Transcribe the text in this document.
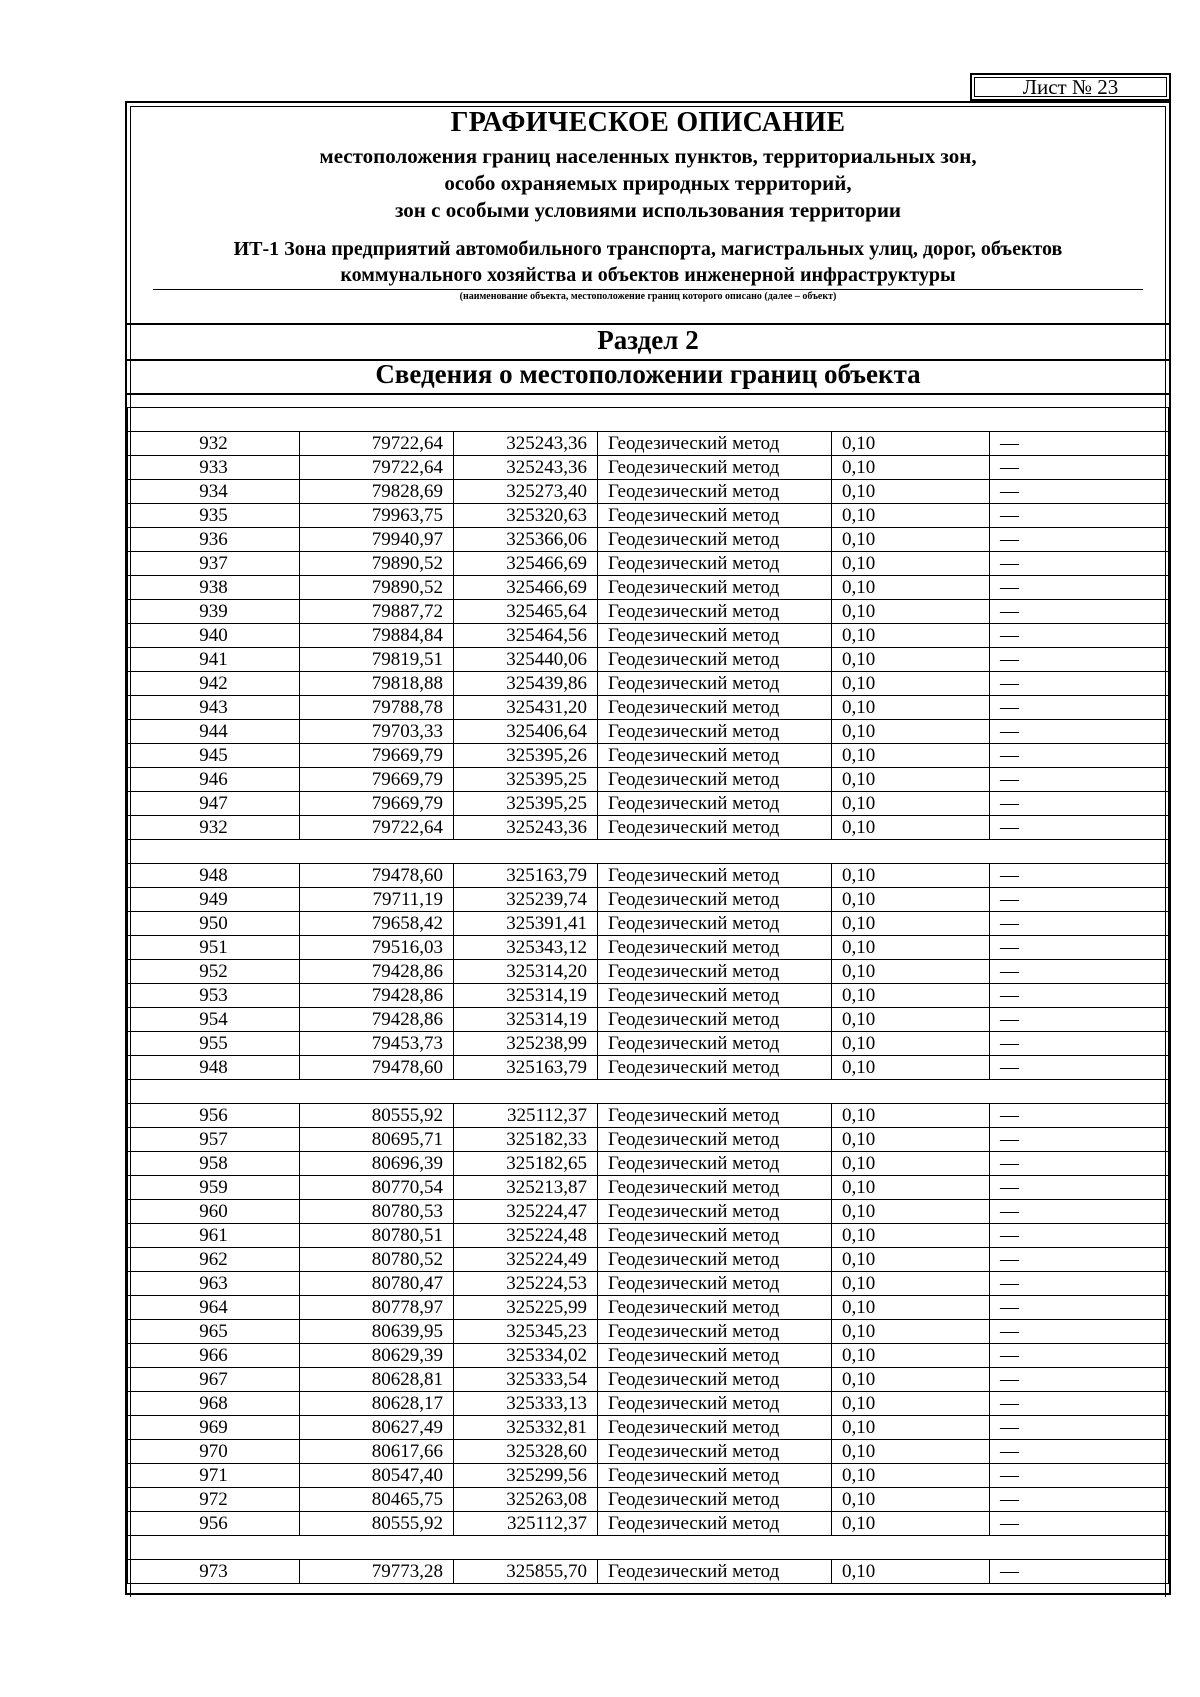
Лист № 23
ГРАФИЧЕСКОЕ ОПИСАНИЕ
местоположения границ населенных пунктов, территориальных зон,
особо охраняемых природных территорий,
зон с особыми условиями использования территории
ИТ-1 Зона предприятий автомобильного транспорта, магистральных улиц, дорог, объектов
коммунального хозяйства и объектов инженерной инфраструктуры
(наименование объекта, местоположение границ которого описано (далее – объект)
Раздел 2
Сведения о местоположении границ объекта

932	79722,64	325243,36	Геодезический метод	0,10	—
933	79722,64	325243,36	Геодезический метод	0,10	—
934	79828,69	325273,40	Геодезический метод	0,10	—
935	79963,75	325320,63	Геодезический метод	0,10	—
936	79940,97	325366,06	Геодезический метод	0,10	—
937	79890,52	325466,69	Геодезический метод	0,10	—
938	79890,52	325466,69	Геодезический метод	0,10	—
939	79887,72	325465,64	Геодезический метод	0,10	—
940	79884,84	325464,56	Геодезический метод	0,10	—
941	79819,51	325440,06	Геодезический метод	0,10	—
942	79818,88	325439,86	Геодезический метод	0,10	—
943	79788,78	325431,20	Геодезический метод	0,10	—
944	79703,33	325406,64	Геодезический метод	0,10	—
945	79669,79	325395,26	Геодезический метод	0,10	—
946	79669,79	325395,25	Геодезический метод	0,10	—
947	79669,79	325395,25	Геодезический метод	0,10	—
932	79722,64	325243,36	Геодезический метод	0,10	—

948	79478,60	325163,79	Геодезический метод	0,10	—
949	79711,19	325239,74	Геодезический метод	0,10	—
950	79658,42	325391,41	Геодезический метод	0,10	—
951	79516,03	325343,12	Геодезический метод	0,10	—
952	79428,86	325314,20	Геодезический метод	0,10	—
953	79428,86	325314,19	Геодезический метод	0,10	—
954	79428,86	325314,19	Геодезический метод	0,10	—
955	79453,73	325238,99	Геодезический метод	0,10	—
948	79478,60	325163,79	Геодезический метод	0,10	—

956	80555,92	325112,37	Геодезический метод	0,10	—
957	80695,71	325182,33	Геодезический метод	0,10	—
958	80696,39	325182,65	Геодезический метод	0,10	—
959	80770,54	325213,87	Геодезический метод	0,10	—
960	80780,53	325224,47	Геодезический метод	0,10	—
961	80780,51	325224,48	Геодезический метод	0,10	—
962	80780,52	325224,49	Геодезический метод	0,10	—
963	80780,47	325224,53	Геодезический метод	0,10	—
964	80778,97	325225,99	Геодезический метод	0,10	—
965	80639,95	325345,23	Геодезический метод	0,10	—
966	80629,39	325334,02	Геодезический метод	0,10	—
967	80628,81	325333,54	Геодезический метод	0,10	—
968	80628,17	325333,13	Геодезический метод	0,10	—
969	80627,49	325332,81	Геодезический метод	0,10	—
970	80617,66	325328,60	Геодезический метод	0,10	—
971	80547,40	325299,56	Геодезический метод	0,10	—
972	80465,75	325263,08	Геодезический метод	0,10	—
956	80555,92	325112,37	Геодезический метод	0,10	—

973	79773,28	325855,70	Геодезический метод	0,10	—
